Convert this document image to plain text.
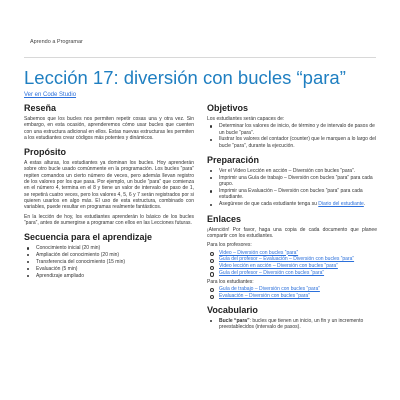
Aprendo a Programar
Lección 17: diversión con bucles “para”
Ver en Code Studio
Reseña

Sabemos que los bucles nos permiten repetir cosas una y otra vez. Sin embargo, en esta ocasión, aprenderemos cómo usar bucles que cuenten con una estructura adicional en ellos. Estas nuevas estructuras les permiten a los estudiantes crear códigos más potentes y dinámicos.

Propósito

A estas alturas, los estudiantes ya dominan los bucles. Hoy aprenderán sobre otro bucle usado comúnmente en la programación. Los bucles “para” repiten comandos un cierto número de veces, pero además llevan registro de los valores por los que pasa. Por ejemplo, un bucle “para” que comienza en el número 4, termina en el 8 y tiene un valor de intervalo de paso de 1, se repetirá cuatro veces, pero los valores 4, 5, 6 y 7 serán registrados por si quieren usarlos en algo más. El uso de esta estructura, combinado con variables, puede resultar en programas realmente fantásticos.

En la lección de hoy, los estudiantes aprenderán lo básico de los bucles “para”, antes de sumergirse a programar con ellos en las Lecciones futuras.

Secuencia para el aprendizaje
Conocimiento inicial (20 min)
Ampliación del conocimiento (20 min)
Transferencia del conocimiento (15 min)
Evaluación (5 min)
Aprendizaje ampliado
Objetivos
Los estudiantes serán capaces de:
Determinar los valores de inicio, de término y de intervalo de pasos de un bucle “para”.
Ilustrar los valores del contador (counter) que le marquen a lo largo del bucle “para”, durante la ejecución.
Preparación
Ver el Video Lección en acción – Diversión con bucles “para”.
Imprimir una Guía de trabajo – Diversión con bucles “para” para cada grupo.
Imprimir una Evaluación – Diversión con bucles “para” para cada estudiante.
Asegúrese de que cada estudiante tenga su Diario del estudiante.
Enlaces

¡Atención! Por favor, haga una copia de cada documento que planee compartir con los estudiantes.

Para los profesores:
Video – Diversión con bucles “para”
Guía del profesor – Evaluación – Diversión con bucles “para”
Video lección en acción – Diversión con bucles “para”
Guía del profesor – Diversión con bucles “para”
Para los estudiantes:
Guía de trabajo – Diversión con bucles “para”
Evaluación – Diversión con bucles “para”
Vocabulario
Bucle “para”: bucles que tienen un inicio, un fin y un incremento preestablecidos (intervalo de pasos).
